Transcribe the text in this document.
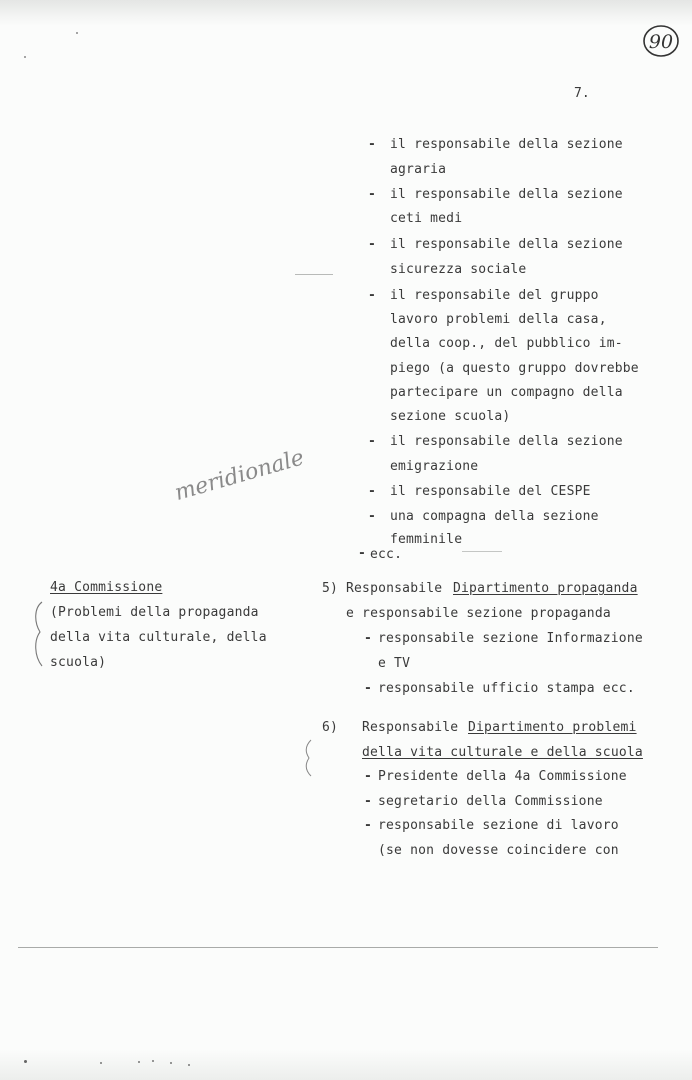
90
7.
- il responsabile della sezione
agraria
- il responsabile della sezione
ceti medi
- il responsabile della sezione
sicurezza sociale
- il responsabile del gruppo
lavoro problemi della casa,
della coop., del pubblico im-
piego (a questo gruppo dovrebbe
partecipare un compagno della
sezione scuola)
- il responsabile della sezione
emigrazione
- il responsabile del CESPE
- una compagna della sezione
femminile
- ecc.
meridionale
4a Commissione
(Problemi della propaganda
della vita culturale, della
scuola)
5) Responsabile Dipartimento propaganda
e responsabile sezione propaganda
- responsabile sezione Informazione
e TV
- responsabile ufficio stampa ecc.
6) Responsabile Dipartimento problemi
della vita culturale e della scuola
- Presidente della 4a Commissione
- segretario della Commissione
- responsabile sezione di lavoro
(se non dovesse coincidere con
